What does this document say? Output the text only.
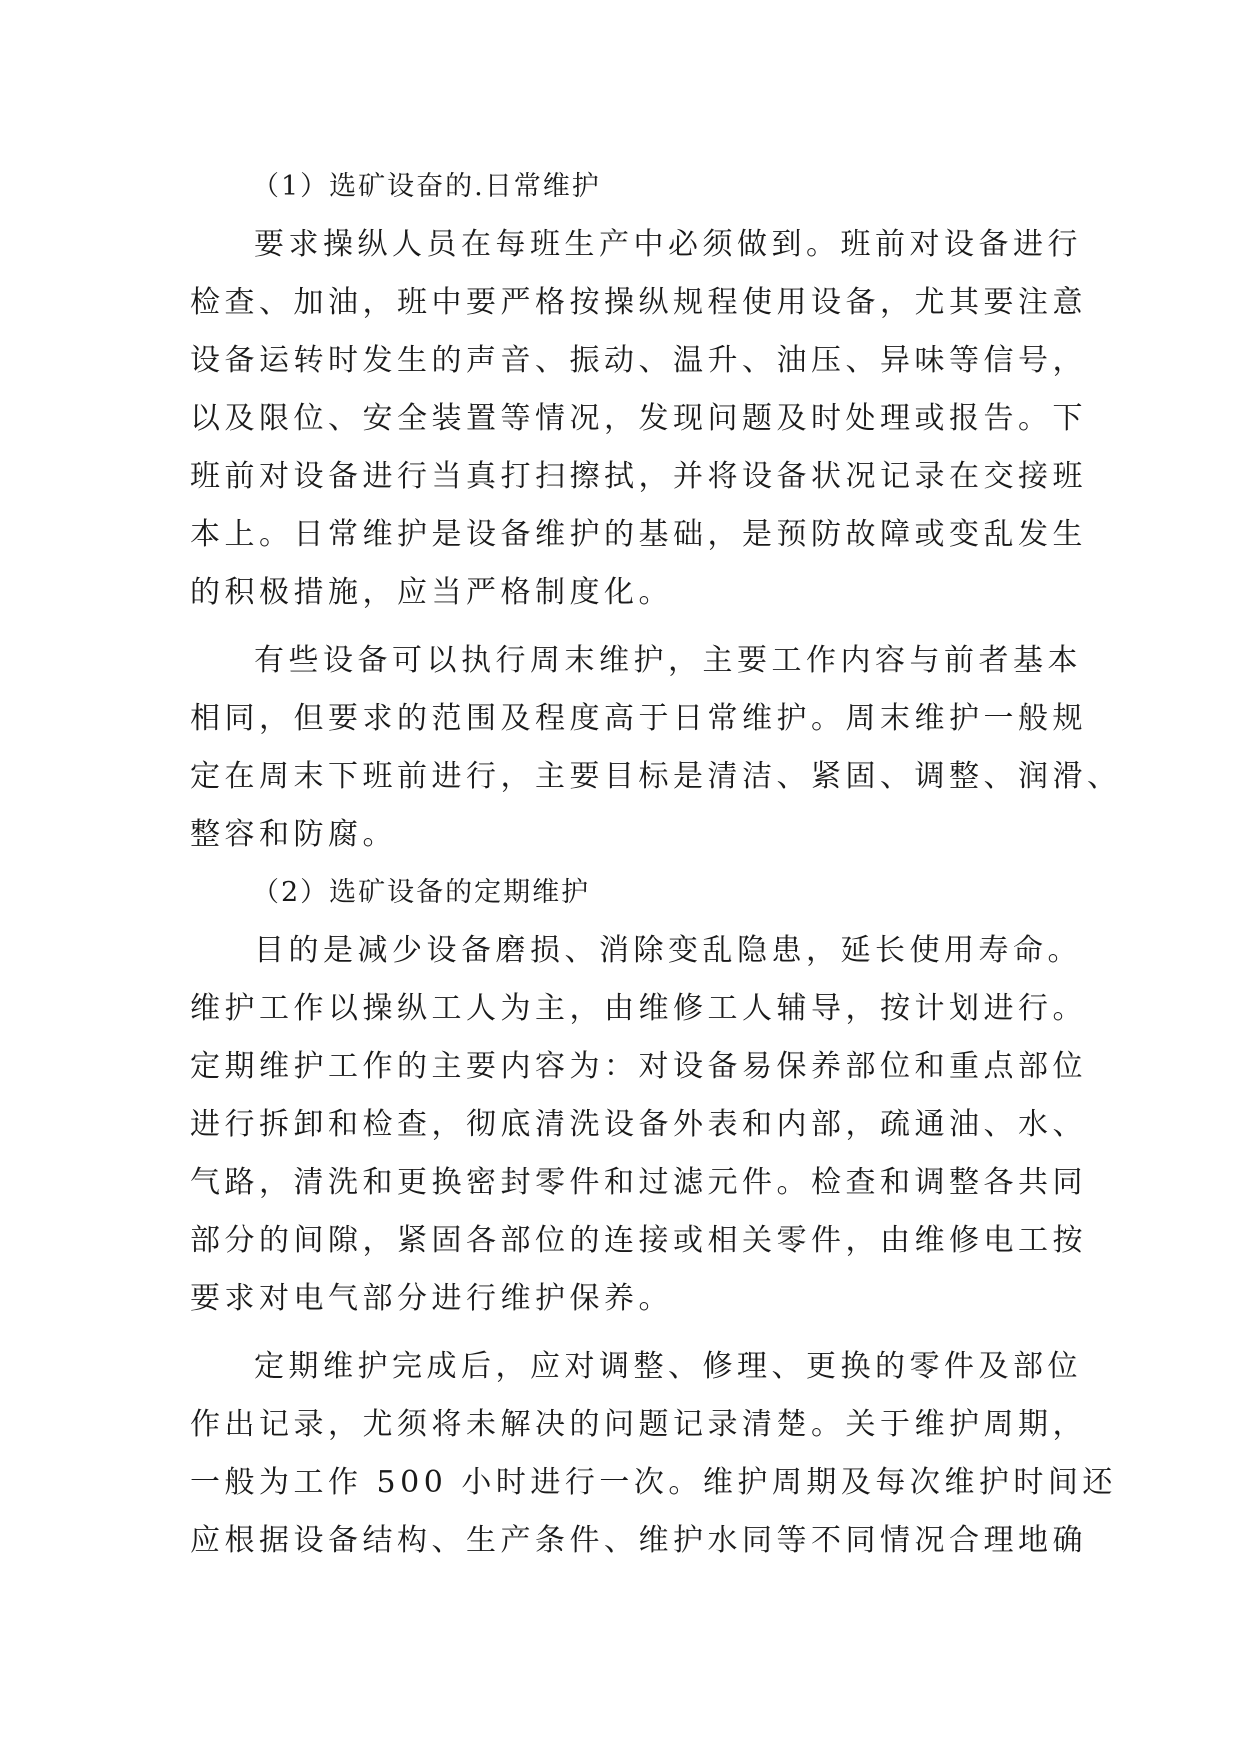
（1）选矿设奋的.日常维护
要求操纵人员在每班生产中必须做到。班前对设备进行
检查、加油，班中要严格按操纵规程使用设备，尤其要注意
设备运转时发生的声音、振动、温升、油压、异味等信号，
以及限位、安全装置等情况，发现问题及时处理或报告。下
班前对设备进行当真打扫擦拭，并将设备状况记录在交接班
本上。日常维护是设备维护的基础，是预防故障或变乱发生
的积极措施，应当严格制度化。
有些设备可以执行周末维护，主要工作内容与前者基本
相同，但要求的范围及程度高于日常维护。周末维护一般规
定在周末下班前进行，主要目标是清洁、紧固、调整、润滑、
整容和防腐。
（2）选矿设备的定期维护
目的是减少设备磨损、消除变乱隐患，延长使用寿命。
维护工作以操纵工人为主，由维修工人辅导，按计划进行。
定期维护工作的主要内容为：对设备易保养部位和重点部位
进行拆卸和检查，彻底清洗设备外表和内部，疏通油、水、
气路，清洗和更换密封零件和过滤元件。检查和调整各共同
部分的间隙，紧固各部位的连接或相关零件，由维修电工按
要求对电气部分进行维护保养。
定期维护完成后，应对调整、修理、更换的零件及部位
作出记录，尤须将未解决的问题记录清楚。关于维护周期，
一般为工作 500 小时进行一次。维护周期及每次维护时间还
应根据设备结构、生产条件、维护水同等不同情况合理地确
